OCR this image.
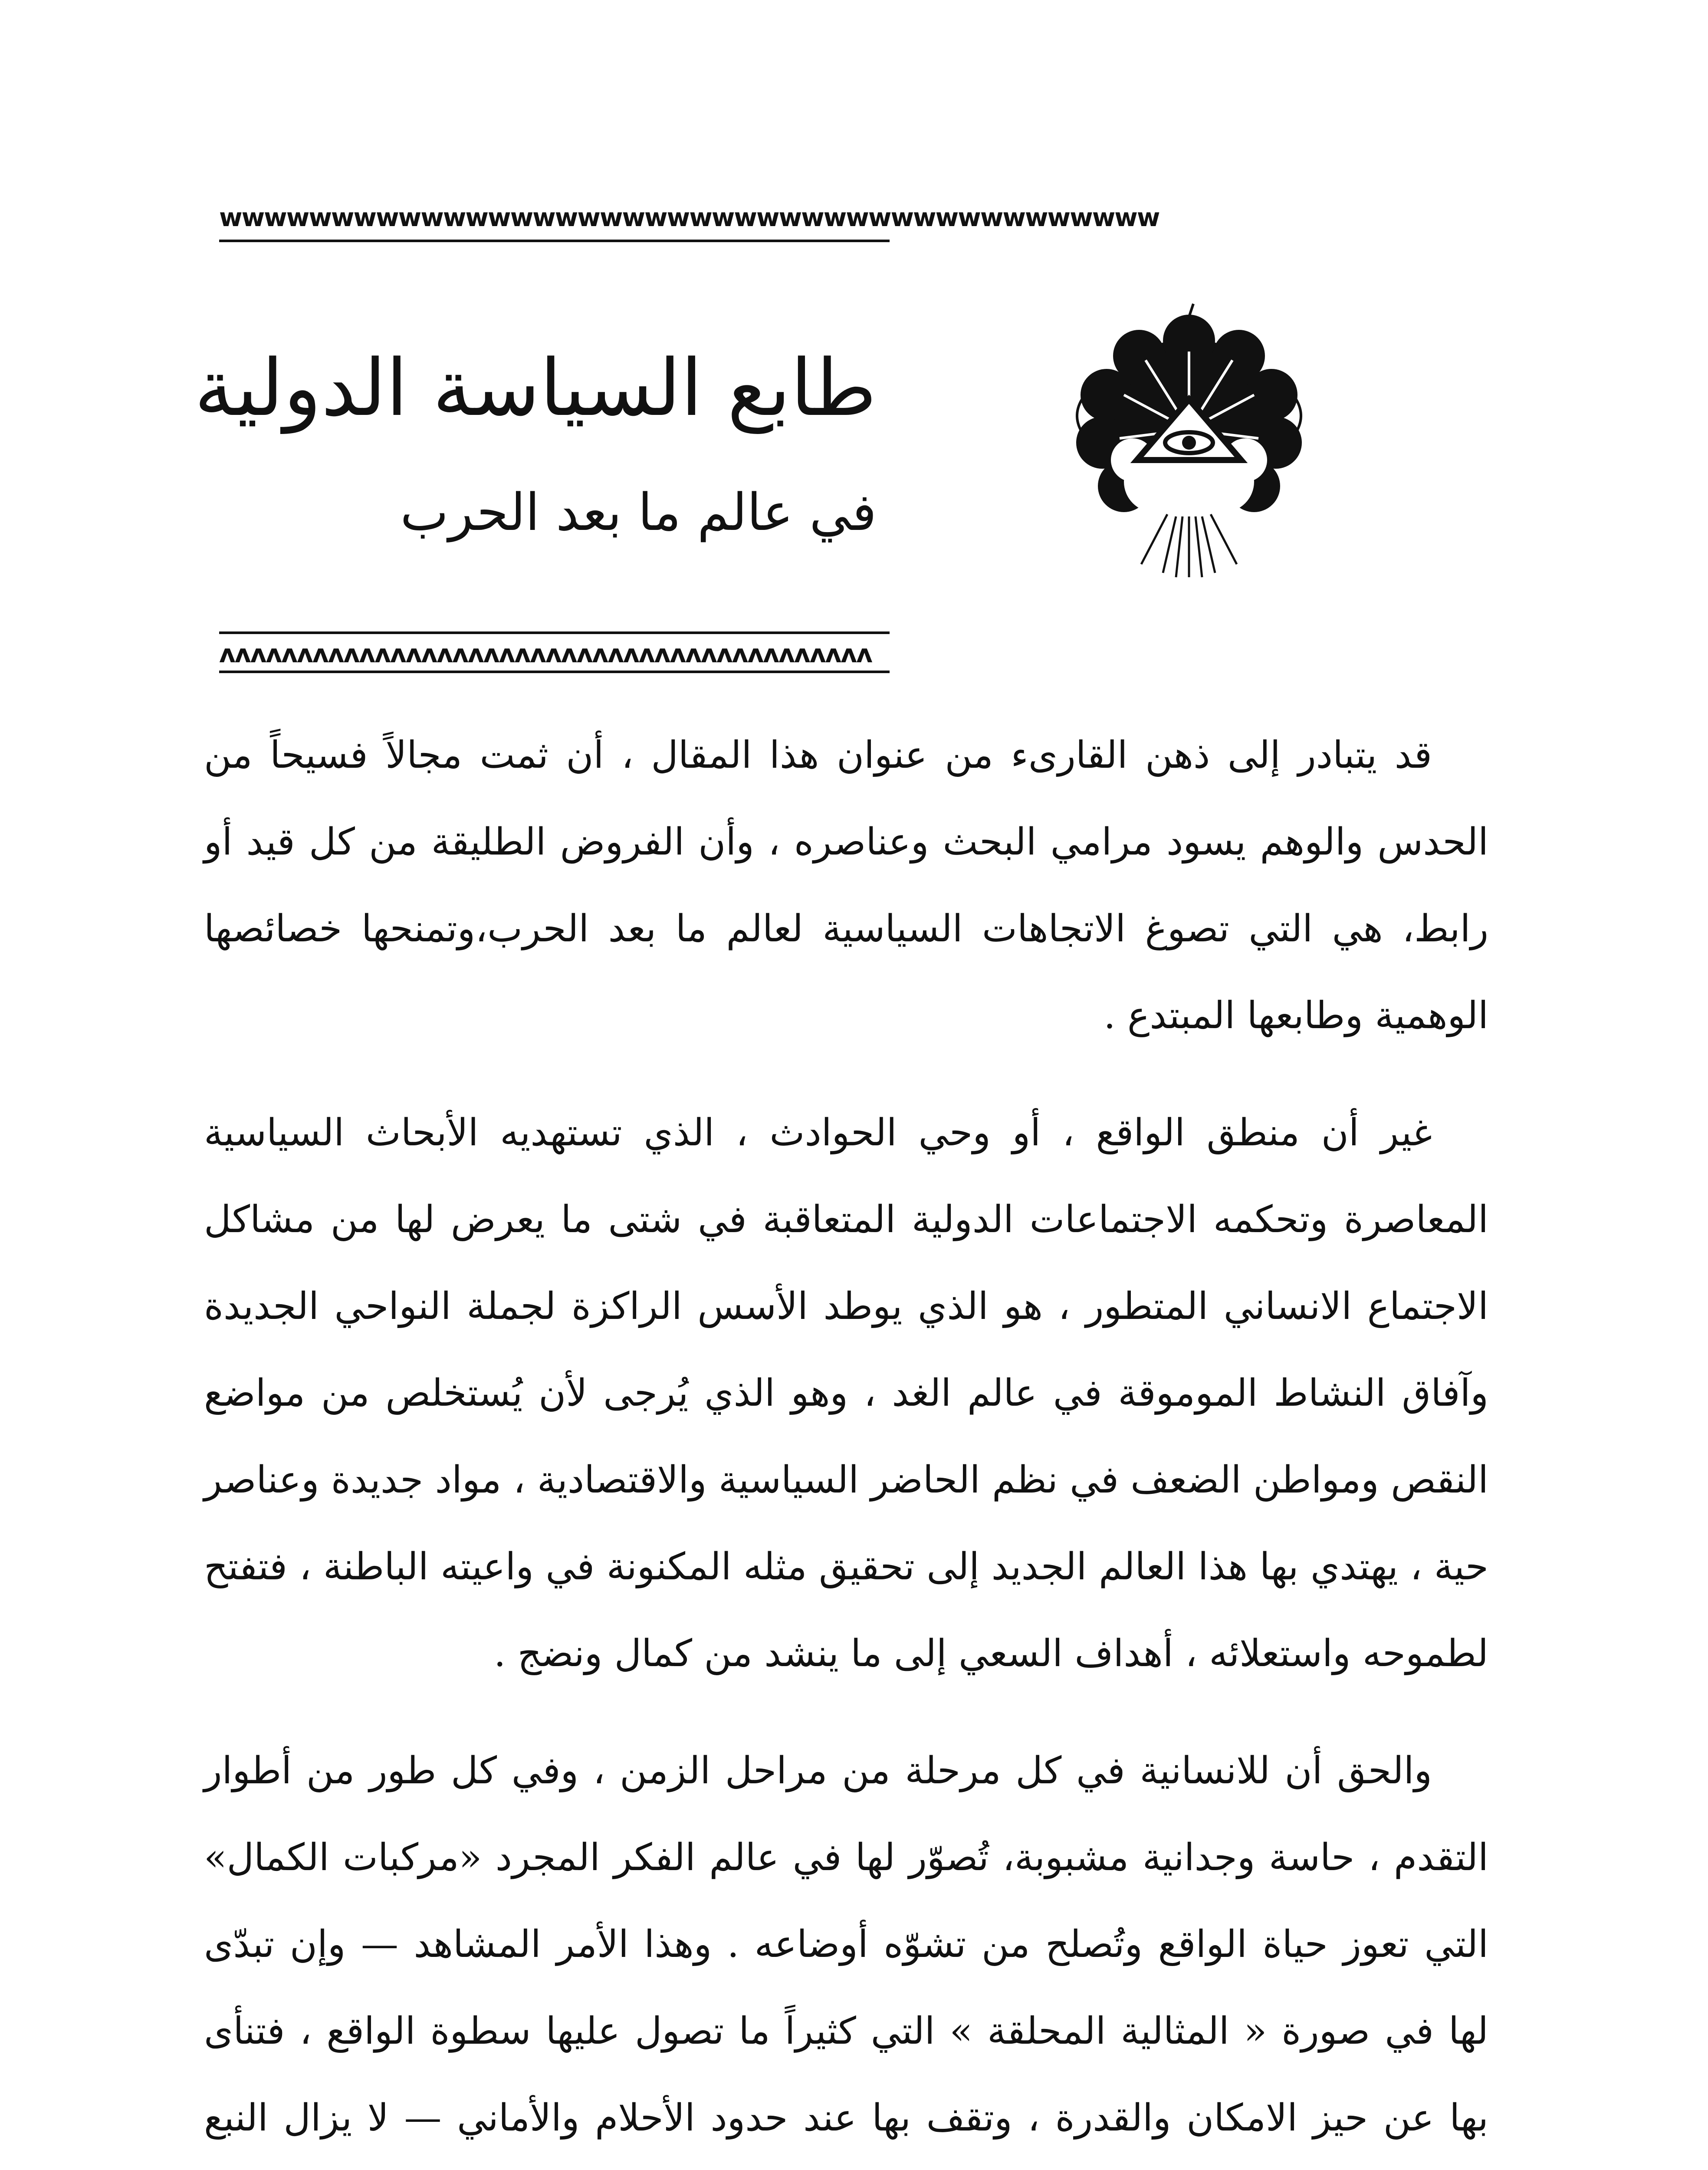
ᴡᴡᴡᴡᴡᴡᴡᴡᴡᴡᴡᴡᴡᴡᴡᴡᴡᴡᴡᴡᴡᴡᴡᴡᴡᴡᴡᴡᴡᴡᴡᴡᴡᴡᴡᴡᴡᴡᴡᴡᴡᴡ
طابع السياسة الدولية
في عالم ما بعد الحرب
ᴧᴧᴧᴧᴧᴧᴧᴧᴧᴧᴧᴧᴧᴧᴧᴧᴧᴧᴧᴧᴧᴧᴧᴧᴧᴧᴧᴧᴧᴧᴧᴧᴧᴧᴧᴧᴧᴧᴧᴧᴧᴧ

قد يتبادر إلى ذهن القارىء من عنوان هذا المقال ، أن ثمت مجالاً فسيحاً من الحدس والوهم يسود مرامي البحث وعناصره ، وأن الفروض الطليقة من كل قيد أو رابط، هي التي تصوغ الاتجاهات السياسية لعالم ما بعد الحرب،وتمنحها خصائصها الوهمية وطابعها المبتدع .

غير أن منطق الواقع ، أو وحي الحوادث ، الذي تستهديه الأبحاث السياسية المعاصرة وتحكمه الاجتماعات الدولية المتعاقبة في شتى ما يعرض لها من مشاكل الاجتماع الانساني المتطور ، هو الذي يوطد الأسس الراكزة لجملة النواحي الجديدة وآفاق النشاط الموموقة في عالم الغد ، وهو الذي يُرجى لأن يُستخلص من مواضع النقص ومواطن الضعف في نظم الحاضر السياسية والاقتصادية ، مواد جديدة وعناصر حية ، يهتدي بها هذا العالم الجديد إلى تحقيق مثله المكنونة في واعيته الباطنة ، فتفتح لطموحه واستعلائه ، أهداف السعي إلى ما ينشد من كمال ونضج .

والحق أن للانسانية في كل مرحلة من مراحل الزمن ، وفي كل طور من أطوار التقدم ، حاسة وجدانية مشبوبة، تُصوّر لها في عالم الفكر المجرد «مركبات الكمال» التي تعوز حياة الواقع وتُصلح من تشوّه أوضاعه . وهذا الأمر المشاهد — وإن تبدّى لها في صورة « المثالية المحلقة » التي كثيراً ما تصول عليها سطوة الواقع ، فتنأى بها عن حيز الامكان والقدرة ، وتقف بها عند حدود الأحلام والأماني — لا يزال النبع
